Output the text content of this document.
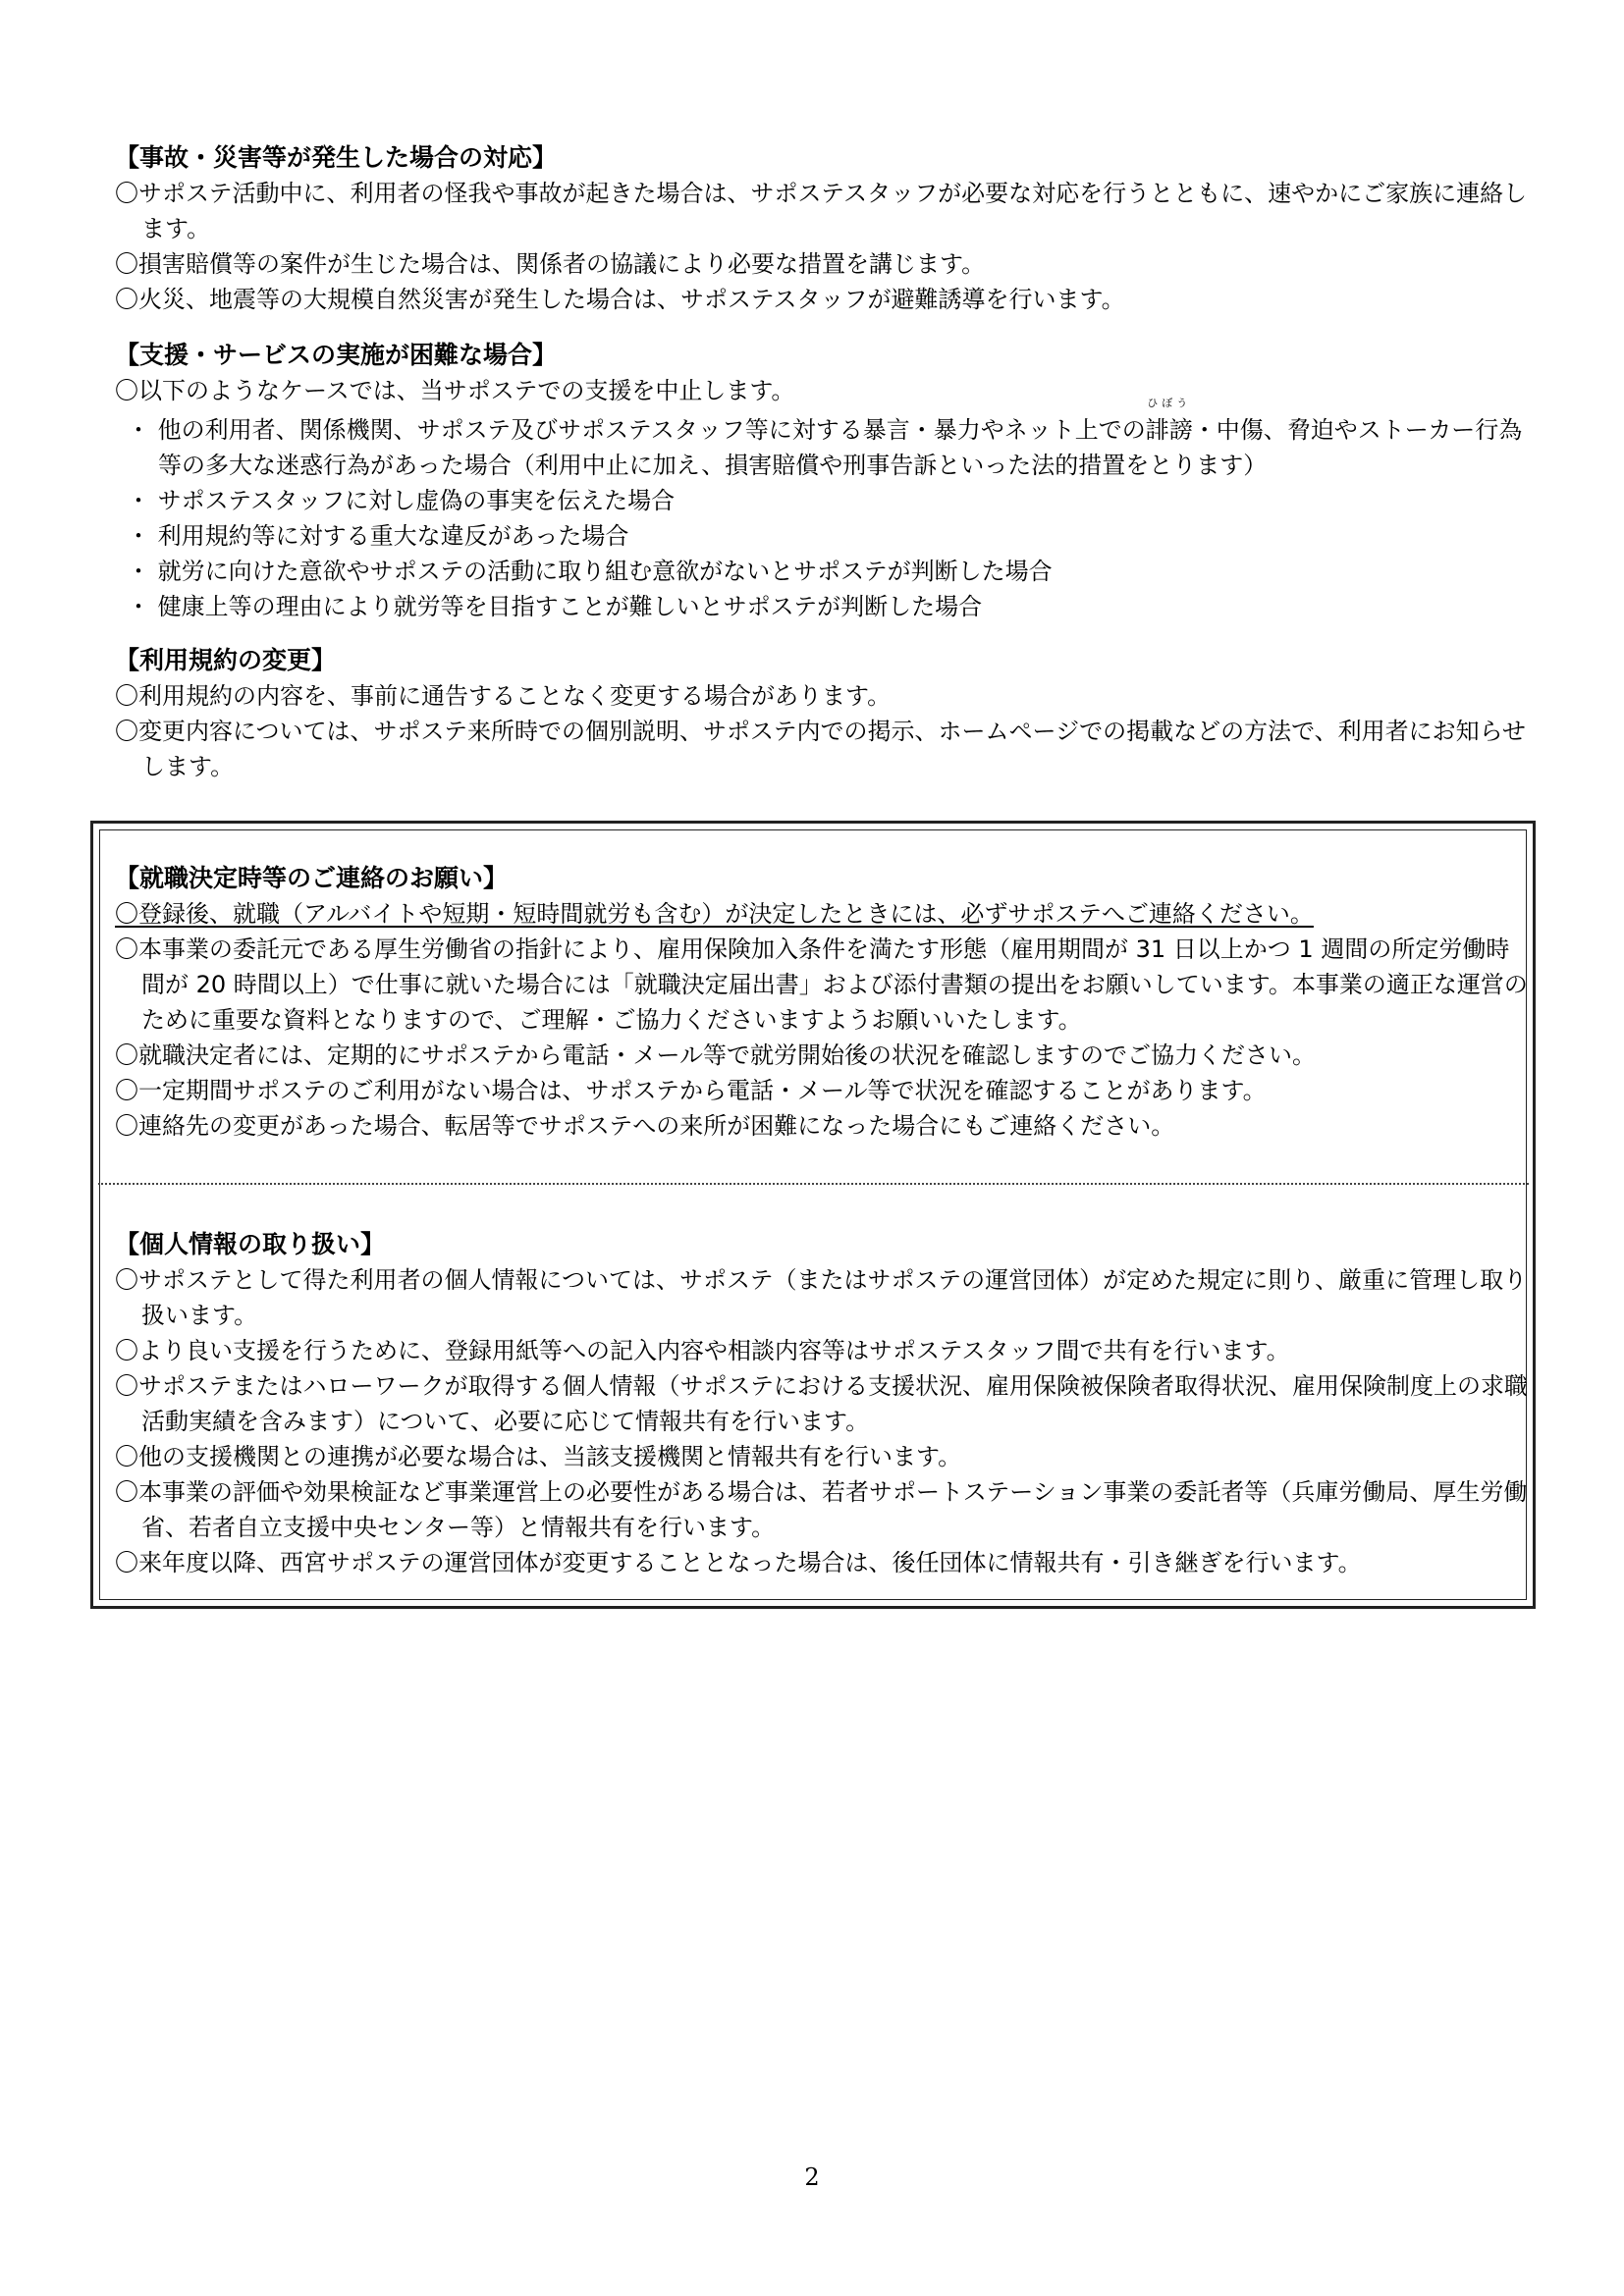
【事故・災害等が発生した場合の対応】
〇サポステ活動中に、利用者の怪我や事故が起きた場合は、サポステスタッフが必要な対応を行うとともに、速やかにご家族に連絡します。
〇損害賠償等の案件が生じた場合は、関係者の協議により必要な措置を講じます。
〇火災、地震等の大規模自然災害が発生した場合は、サポステスタッフが避難誘導を行います。
【支援・サービスの実施が困難な場合】
〇以下のようなケースでは、当サポステでの支援を中止します。
・ 他の利用者、関係機関、サポステ及びサポステスタッフ等に対する暴言・暴力やネット上での
ひぼう
誹謗・中傷、脅迫やストーカー行為等の多大な迷惑行為があった場合（利用中止に加え、損害賠償や刑事告訴といった法的措置をとります）
・ サポステスタッフに対し虚偽の事実を伝えた場合
・ 利用規約等に対する重大な違反があった場合
・ 就労に向けた意欲やサポステの活動に取り組む意欲がないとサポステが判断した場合
・ 健康上等の理由により就労等を目指すことが難しいとサポステが判断した場合
【利用規約の変更】
〇利用規約の内容を、事前に通告することなく変更する場合があります。
〇変更内容については、サポステ来所時での個別説明、サポステ内での掲示、ホームページでの掲載などの方法で、利用者にお知らせします。
【就職決定時等のご連絡のお願い】
〇登録後、就職（アルバイトや短期・短時間就労も含む）が決定したときには、必ずサポステへご連絡ください。
〇本事業の委託元である厚生労働省の指針により、雇用保険加入条件を満たす形態（雇用期間が 31 日以上かつ 1 週間の所定労働時間が 20 時間以上）で仕事に就いた場合には「就職決定届出書」および添付書類の提出をお願いしています。本事業の適正な運営のために重要な資料となりますので、ご理解・ご協力くださいますようお願いいたします。
〇就職決定者には、定期的にサポステから電話・メール等で就労開始後の状況を確認しますのでご協力ください。
〇一定期間サポステのご利用がない場合は、サポステから電話・メール等で状況を確認することがあります。
〇連絡先の変更があった場合、転居等でサポステへの来所が困難になった場合にもご連絡ください。
【個人情報の取り扱い】
〇サポステとして得た利用者の個人情報については、サポステ（またはサポステの運営団体）が定めた規定に則り、厳重に管理し取り扱います。
〇より良い支援を行うために、登録用紙等への記入内容や相談内容等はサポステスタッフ間で共有を行います。
〇サポステまたはハローワークが取得する個人情報（サポステにおける支援状況、雇用保険被保険者取得状況、雇用保険制度上の求職活動実績を含みます）について、必要に応じて情報共有を行います。
〇他の支援機関との連携が必要な場合は、当該支援機関と情報共有を行います。
〇本事業の評価や効果検証など事業運営上の必要性がある場合は、若者サポートステーション事業の委託者等（兵庫労働局、厚生労働省、若者自立支援中央センター等）と情報共有を行います。
〇来年度以降、西宮サポステの運営団体が変更することとなった場合は、後任団体に情報共有・引き継ぎを行います。
2
